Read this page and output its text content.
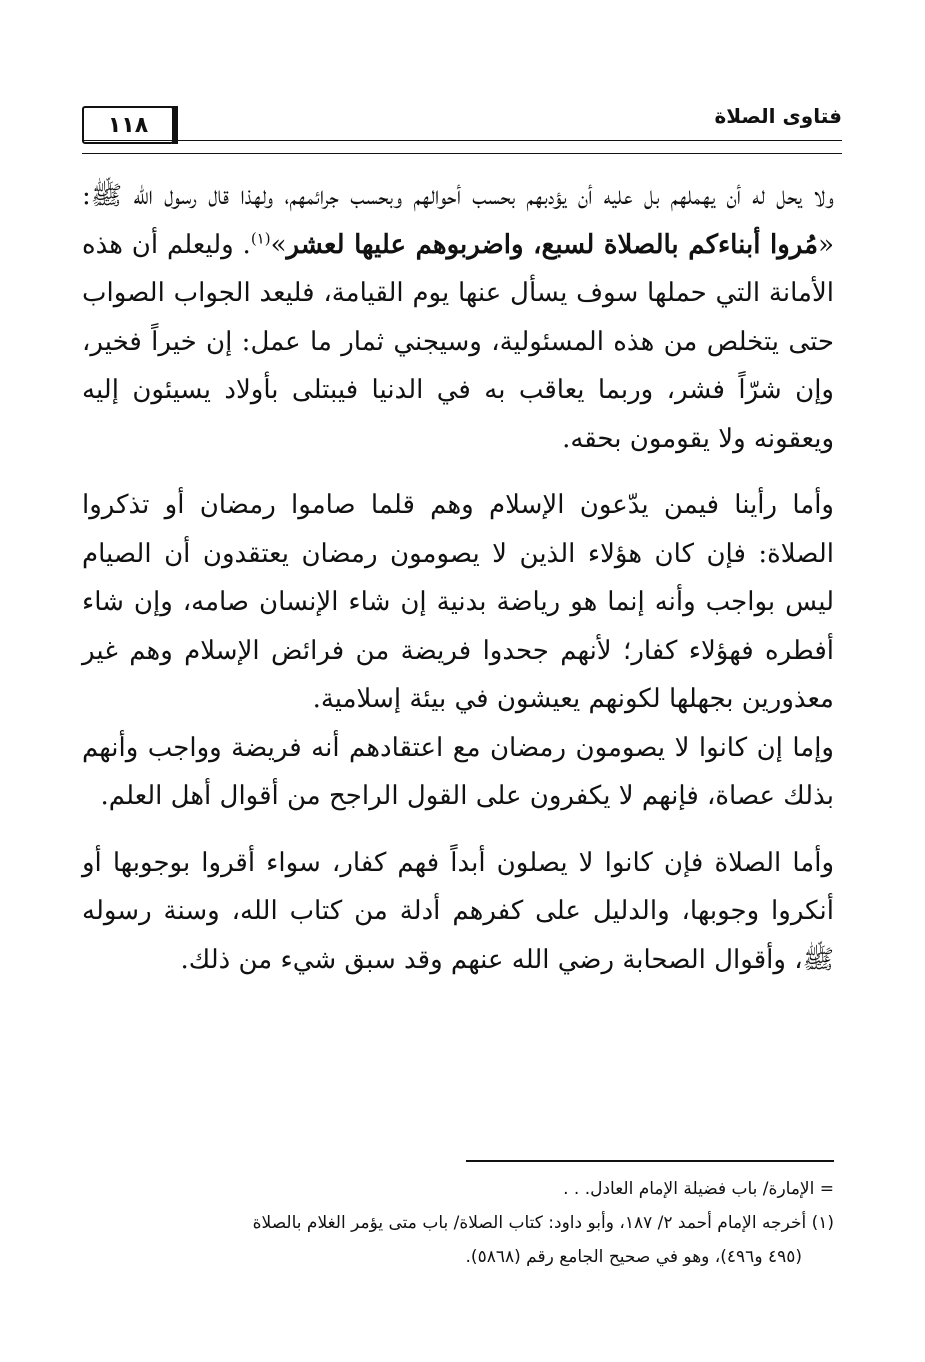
فتاوى الصلاة
١١٨

ولا يحل له أن يهملهم بل عليه أن يؤدبهم بحسب أحوالهم وبحسب جرائمهم، ولهذا قال رسول الله ﷺ: «مُروا أبناءكم بالصلاة لسبع، واضربوهم عليها لعشر»$^{(١)}$. وليعلم أن هذه الأمانة التي حملها سوف يسأل عنها يوم القيامة، فليعد الجواب الصواب حتى يتخلص من هذه المسئولية، وسيجني ثمار ما عمل: إن خيراً فخير، وإن شرّاً فشر، وربما يعاقب به في الدنيا فيبتلى بأولاد يسيئون إليه ويعقونه ولا يقومون بحقه.

وأما رأينا فيمن يدّعون الإسلام وهم قلما صاموا رمضان أو تذكروا الصلاة: فإن كان هؤلاء الذين لا يصومون رمضان يعتقدون أن الصيام ليس بواجب وأنه إنما هو رياضة بدنية إن شاء الإنسان صامه، وإن شاء أفطره فهؤلاء كفار؛ لأنهم جحدوا فريضة من فرائض الإسلام وهم غير معذورين بجهلها لكونهم يعيشون في بيئة إسلامية.

وإما إن كانوا لا يصومون رمضان مع اعتقادهم أنه فريضة وواجب وأنهم بذلك عصاة، فإنهم لا يكفرون على القول الراجح من أقوال أهل العلم.

وأما الصلاة فإن كانوا لا يصلون أبداً فهم كفار، سواء أقروا بوجوبها أو أنكروا وجوبها، والدليل على كفرهم أدلة من كتاب الله، وسنة رسوله ﷺ، وأقوال الصحابة رضي الله عنهم وقد سبق شيء من ذلك.

= الإمارة/ باب فضيلة الإمام العادل. . .

(١) أخرجه الإمام أحمد ٢/ ١٨٧، وأبو داود: كتاب الصلاة/ باب متى يؤمر الغلام بالصلاة

(٤٩٥ و٤٩٦)، وهو في صحيح الجامع رقم (٥٨٦٨).
